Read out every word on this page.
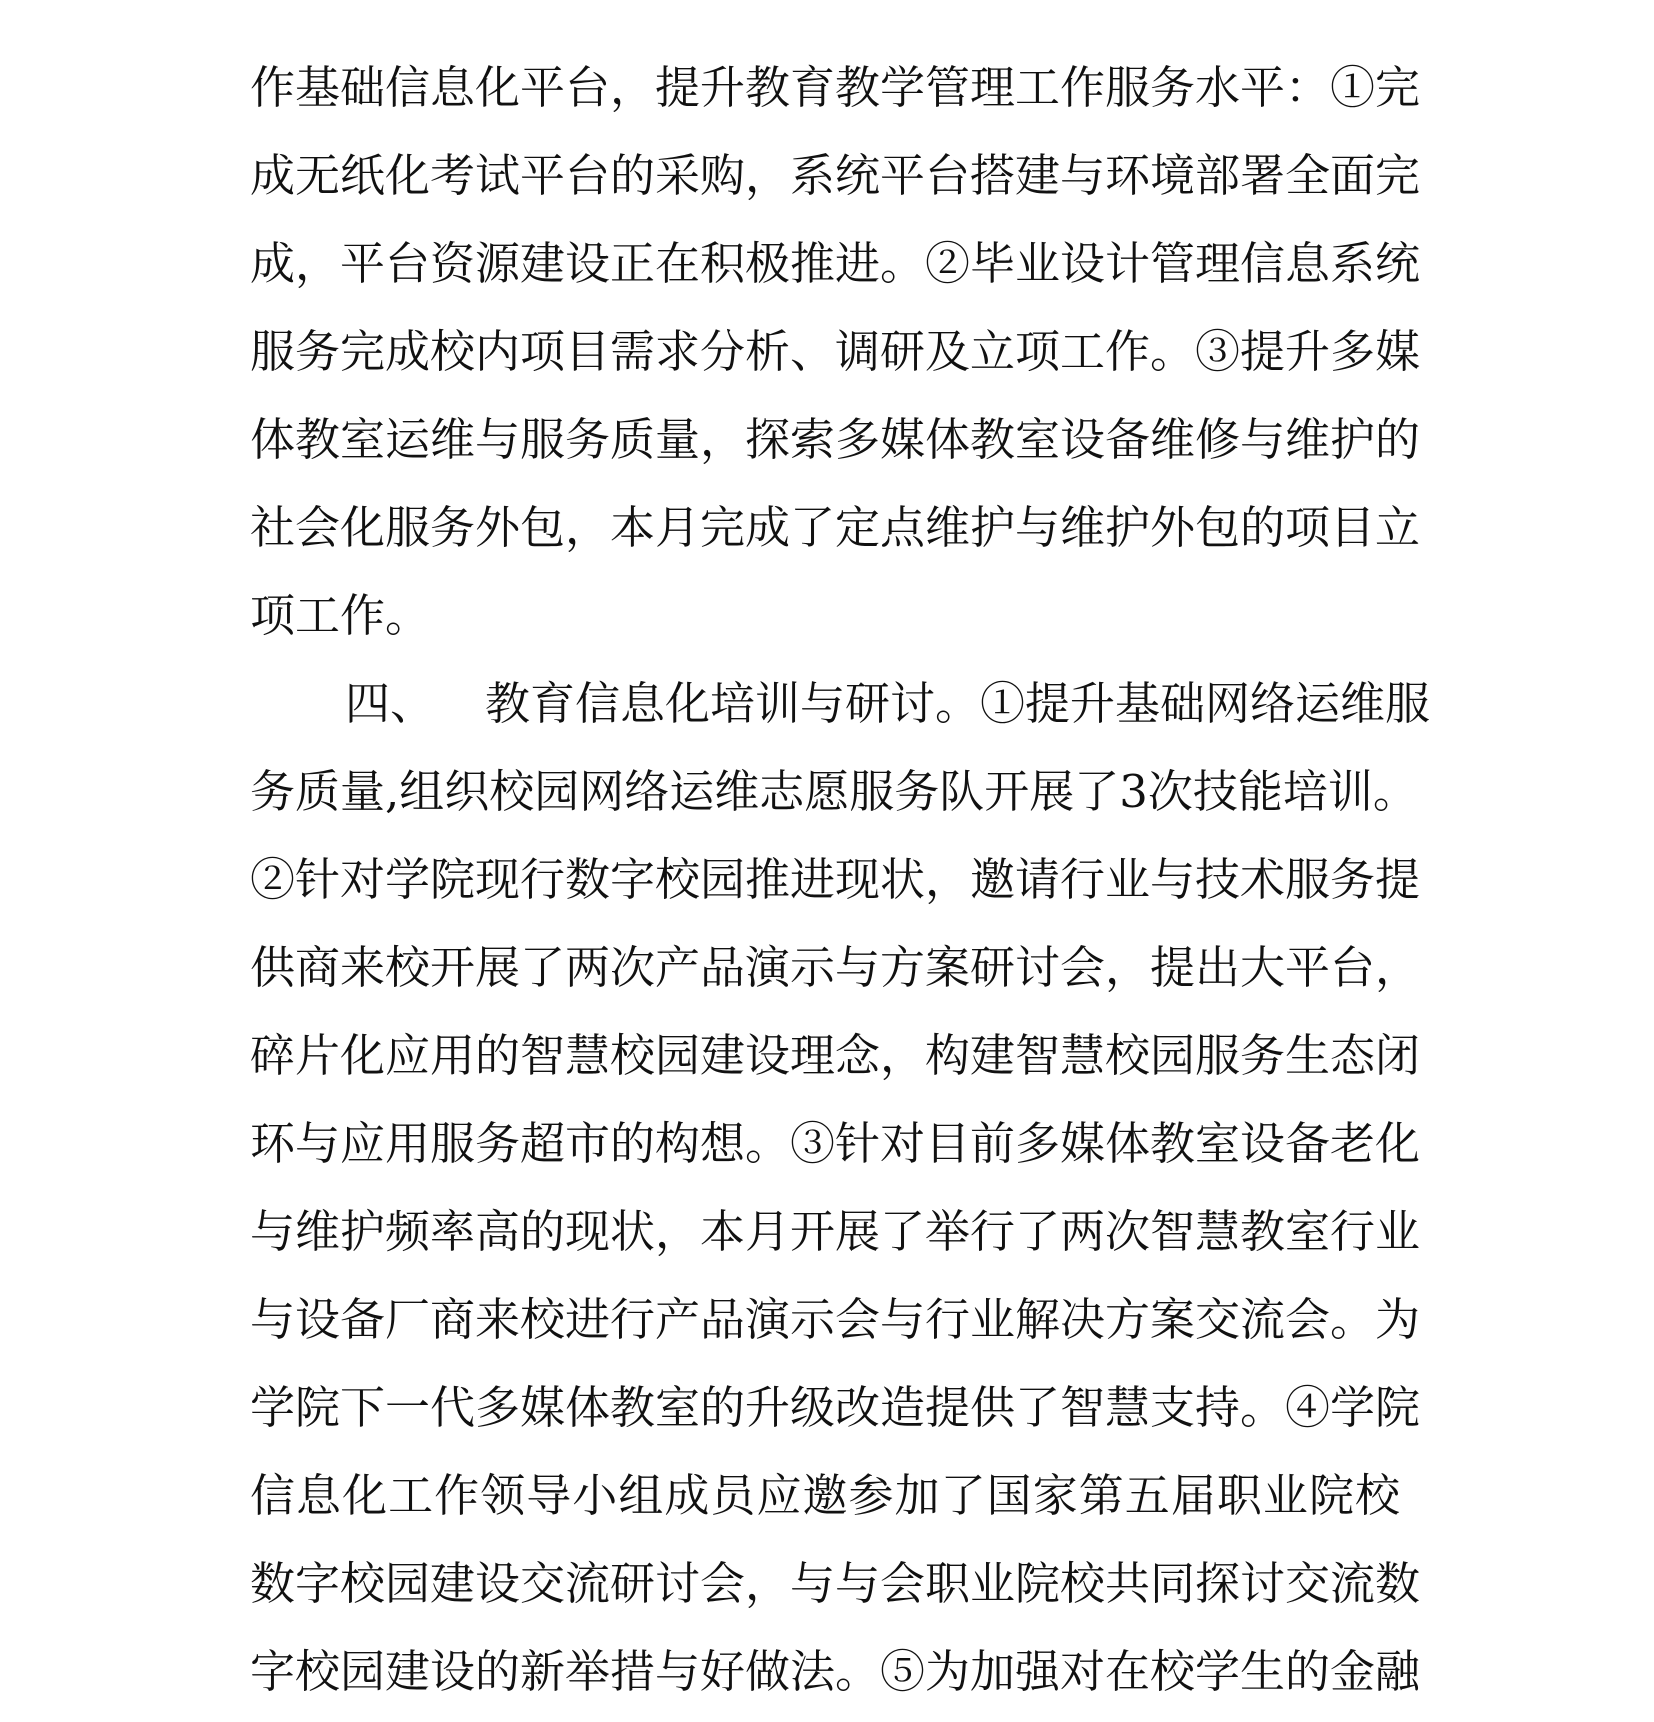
作基础信息化平台，提升教育教学管理工作服务水平：①完
成无纸化考试平台的采购，系统平台搭建与环境部署全面完
成，平台资源建设正在积极推进。②毕业设计管理信息系统
服务完成校内项目需求分析、调研及立项工作。③提升多媒
体教室运维与服务质量，探索多媒体教室设备维修与维护的
社会化服务外包，本月完成了定点维护与维护外包的项目立
项工作。
四、 教育信息化培训与研讨。①提升基础网络运维服
务质量,组织校园网络运维志愿服务队开展了3次技能培训。
②针对学院现行数字校园推进现状，邀请行业与技术服务提
供商来校开展了两次产品演示与方案研讨会，提出大平台，
碎片化应用的智慧校园建设理念，构建智慧校园服务生态闭
环与应用服务超市的构想。③针对目前多媒体教室设备老化
与维护频率高的现状，本月开展了举行了两次智慧教室行业
与设备厂商来校进行产品演示会与行业解决方案交流会。为
学院下一代多媒体教室的升级改造提供了智慧支持。④学院
信息化工作领导小组成员应邀参加了国家第五届职业院校
数字校园建设交流研讨会，与与会职业院校共同探讨交流数
字校园建设的新举措与好做法。⑤为加强对在校学生的金融
